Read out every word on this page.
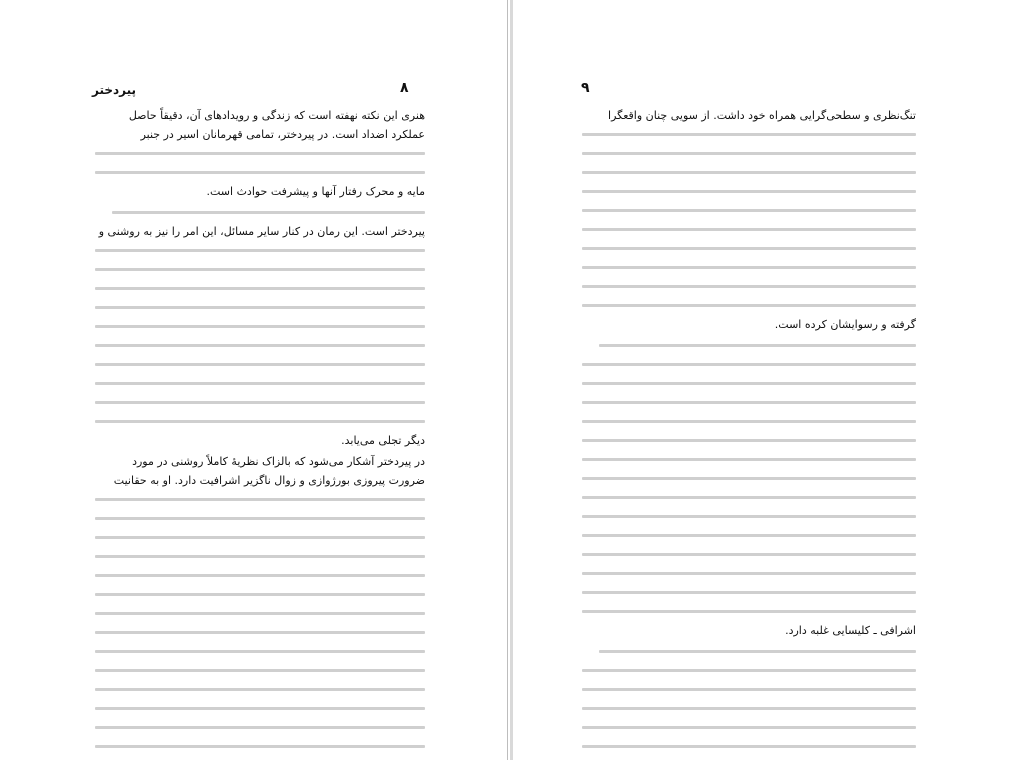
پیردختر	۸
هنری این نکته نهفته است که زندگی و رویدادهای آن، دقیقاً حاصل
عملکرد اضداد است. در پیردختر، تمامی قهرمانان اسیر در جنبر
مایه و محرک رفتار آنها و پیشرفت حوادث است.
پیردختر است. این رمان در کنار سایر مسائل، این امر را نیز به روشنی و
دیگر تجلی می‌یابد.
در پیردختر آشکار می‌شود که بالزاک نظریهٔ کاملاً روشنی در مورد
ضرورت پیروزی بورژوازی و زوال ناگزیر اشرافیت دارد. او به حقانیت
۹
تنگ‌نظری و سطحی‌گرایی همراه خود داشت. از سویی چنان واقعگرا
گرفته و رسوایشان کرده است.
اشرافی ـ کلیسایی غلبه دارد.
